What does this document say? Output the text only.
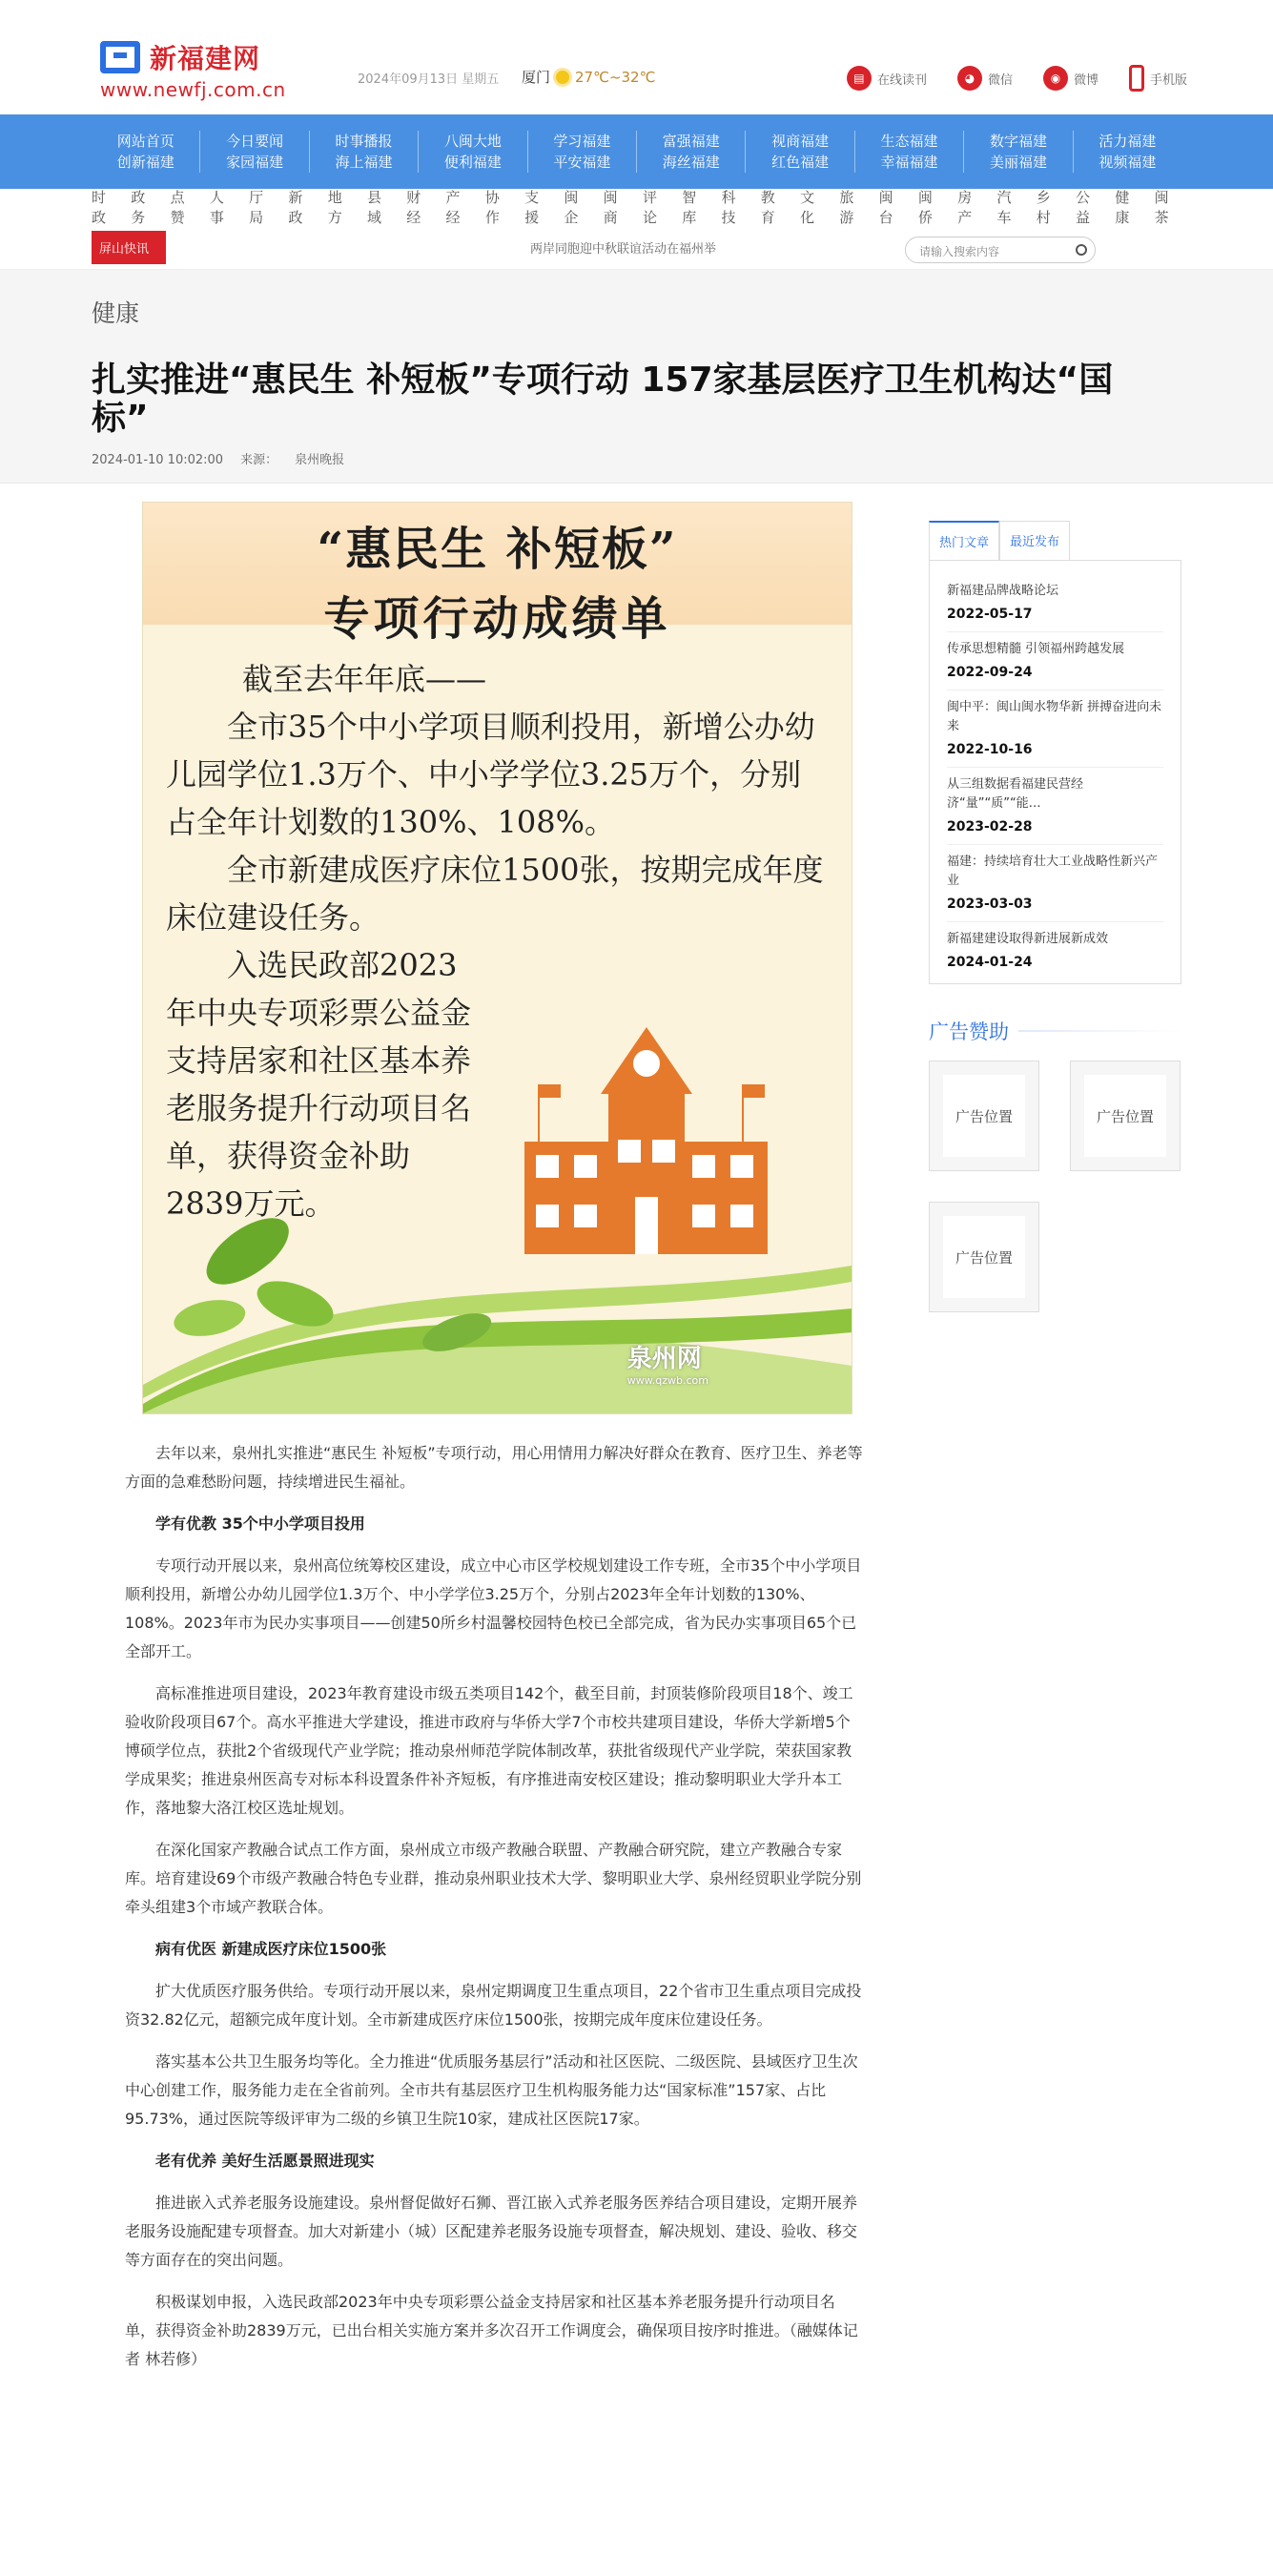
新福建网
www.newfj.com.cn	2024年09月13日 星期五 厦门 27℃~32℃	▤	在线读刊	◕	微信	◉	微博	手机版
网站首页
创新福建
今日要闻
家园福建
时事播报
海上福建
八闽大地
便利福建
学习福建
平安福建
富强福建
海丝福建
视商福建
红色福建
生态福建
幸福福建
数字福建
美丽福建
活力福建
视频福建
时政
政务
点赞
人事
厅局
新政
地方
县域
财经
产经
协作
支援
闽企
闽商
评论
智库
科技
教育
文化
旅游
闽台
闽侨
房产
汽车
乡村
公益
健康
闽茶
屏山快讯	两岸同胞迎中秋联谊活动在福州举	请输入搜索内容
健康
扎实推进“惠民生 补短板”专项行动 157家基层医疗卫生机构达“国标”
2024-01-10 10:02:00 来源： 泉州晚报
“惠民生 补短板”
专项行动成绩单

截至去年年底——

全市35个中小学项目顺利投用，新增公办幼儿园学位1.3万个、中小学学位3.25万个，分别占全年计划数的130%、108%。

全市新建成医疗床位1500张，按期完成年度床位建设任务。

入选民政部2023年中央专项彩票公益金支持居家和社区基本养老服务提升行动项目名单，获得资金补助2839万元。

泉州网
www.qzwb.com

去年以来，泉州扎实推进“惠民生 补短板”专项行动，用心用情用力解决好群众在教育、医疗卫生、养老等方面的急难愁盼问题，持续增进民生福祉。

学有优教 35个中小学项目投用

专项行动开展以来，泉州高位统筹校区建设，成立中心市区学校规划建设工作专班，全市35个中小学项目顺利投用，新增公办幼儿园学位1.3万个、中小学学位3.25万个，分别占2023年全年计划数的130%、108%。2023年市为民办实事项目——创建50所乡村温馨校园特色校已全部完成，省为民办实事项目65个已全部开工。

高标准推进项目建设，2023年教育建设市级五类项目142个，截至目前，封顶装修阶段项目18个、竣工验收阶段项目67个。高水平推进大学建设，推进市政府与华侨大学7个市校共建项目建设，华侨大学新增5个博硕学位点，获批2个省级现代产业学院；推动泉州师范学院体制改革，获批省级现代产业学院，荣获国家教学成果奖；推进泉州医高专对标本科设置条件补齐短板，有序推进南安校区建设；推动黎明职业大学升本工作，落地黎大洛江校区选址规划。

在深化国家产教融合试点工作方面，泉州成立市级产教融合联盟、产教融合研究院，建立产教融合专家库。培育建设69个市级产教融合特色专业群，推动泉州职业技术大学、黎明职业大学、泉州经贸职业学院分别牵头组建3个市域产教联合体。

病有优医 新建成医疗床位1500张

扩大优质医疗服务供给。专项行动开展以来，泉州定期调度卫生重点项目，22个省市卫生重点项目完成投资32.82亿元，超额完成年度计划。全市新建成医疗床位1500张，按期完成年度床位建设任务。

落实基本公共卫生服务均等化。全力推进“优质服务基层行”活动和社区医院、二级医院、县域医疗卫生次中心创建工作，服务能力走在全省前列。全市共有基层医疗卫生机构服务能力达“国家标准”157家、占比95.73%，通过医院等级评审为二级的乡镇卫生院10家，建成社区医院17家。

老有优养 美好生活愿景照进现实

推进嵌入式养老服务设施建设。泉州督促做好石狮、晋江嵌入式养老服务医养结合项目建设，定期开展养老服务设施配建专项督查。加大对新建小（城）区配建养老服务设施专项督查，解决规划、建设、验收、移交等方面存在的突出问题。

积极谋划申报，入选民政部2023年中央专项彩票公益金支持居家和社区基本养老服务提升行动项目名单，获得资金补助2839万元，已出台相关实施方案并多次召开工作调度会，确保项目按序时推进。（融媒体记者 林若修）

热门文章	最近发布
新福建品牌战略论坛
2022-05-17
传承思想精髓 引领福州跨越发展
2022-09-24
闽中平：闽山闽水物华新 拼搏奋进向未来
2022-10-16
从三组数据看福建民营经济“量”“质”“能…
2023-02-28
福建：持续培育壮大工业战略性新兴产业
2023-03-03
新福建建设取得新进展新成效
2024-01-24
广告赞助
广告位置	广告位置
广告位置
